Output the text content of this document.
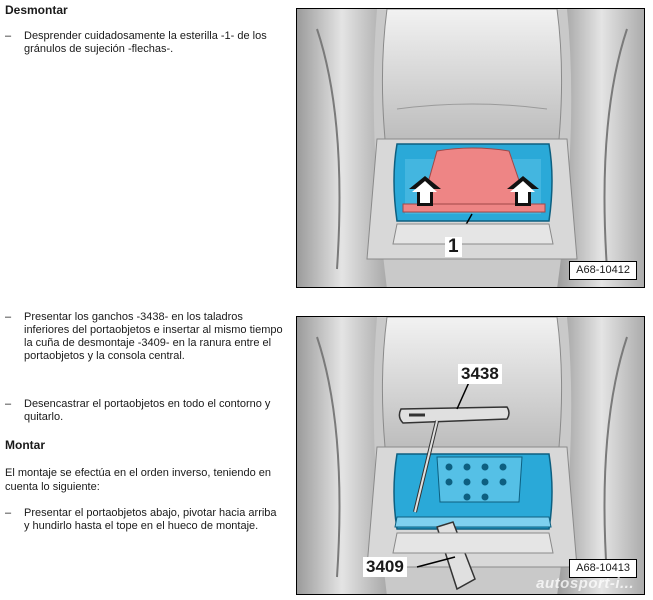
Desmontar

–	Desprender cuidadosamente la esterilla -1- de los gránulos de sujeción -flechas-.

–	Presentar los ganchos -3438- en los taladros inferiores del portaobjetos e insertar al mismo tiempo la cuña de desmontaje -3409- en la ranura entre el portaobjetos y la consola central.

–	Desencastrar el portaobjetos en todo el contorno y quitarlo.

Montar

El montaje se efectúa en el orden inverso, teniendo en cuenta lo siguiente:

–	Presentar el portaobjetos abajo, pivotar hacia arriba y hundirlo hasta el tope en el hueco de montaje.

1
A68-10412
3438
3409	A68-10413
autosport-i...
